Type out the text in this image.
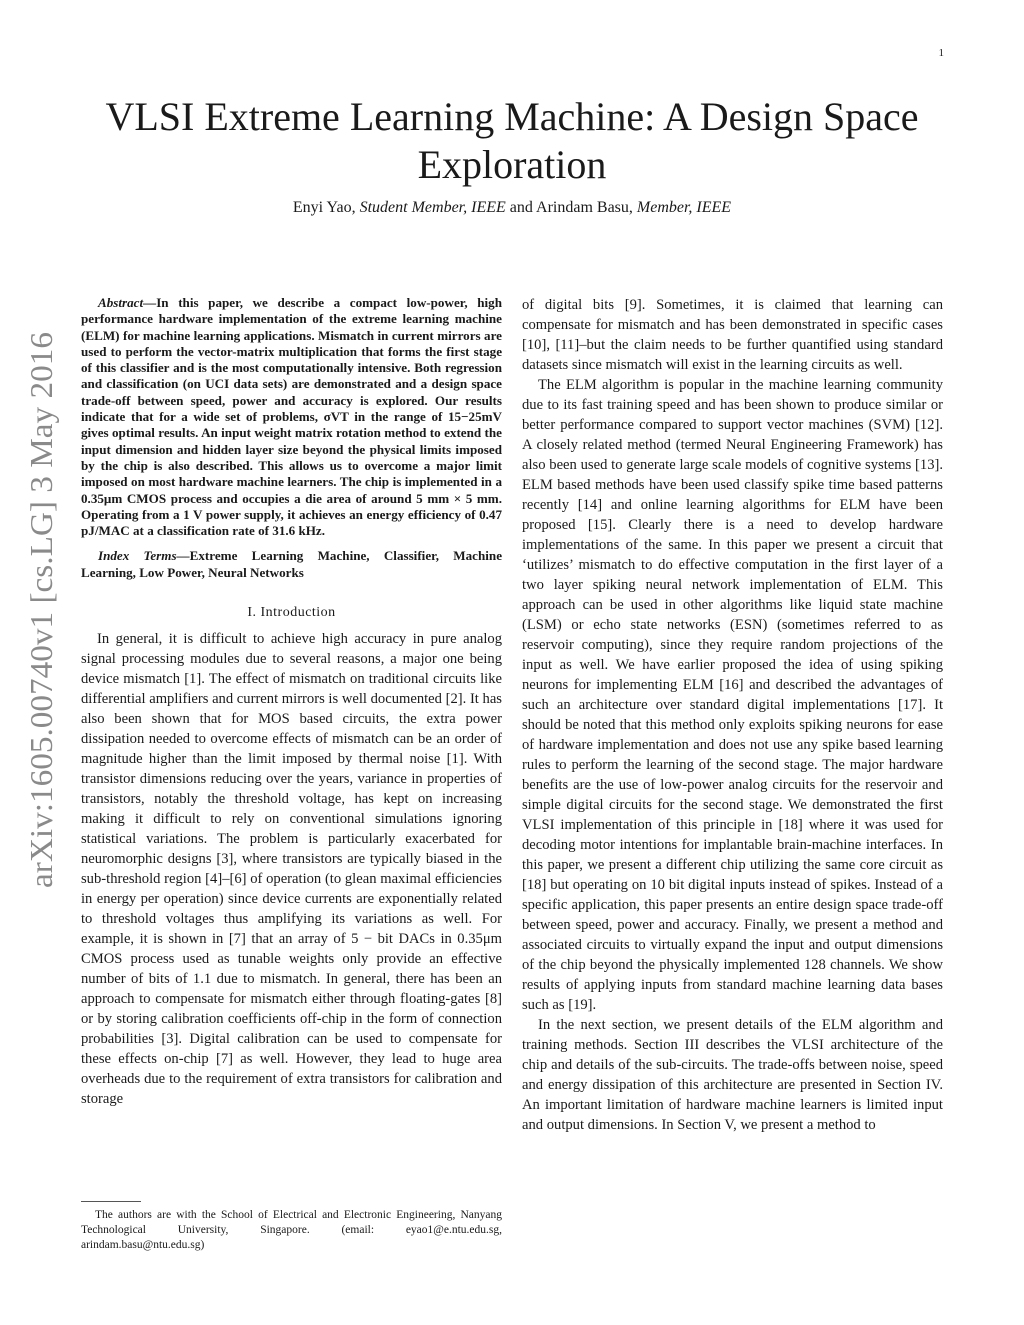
1
arXiv:1605.00740v1 [cs.LG] 3 May 2016
VLSI Extreme Learning Machine: A Design Space
Exploration
Enyi Yao, Student Member, IEEE and Arindam Basu, Member, IEEE

Abstract—In this paper, we describe a compact low-power, high performance hardware implementation of the extreme learning machine (ELM) for machine learning applications. Mismatch in current mirrors are used to perform the vector-matrix multiplication that forms the first stage of this classifier and is the most computationally intensive. Both regression and classification (on UCI data sets) are demonstrated and a design space trade-off between speed, power and accuracy is explored. Our results indicate that for a wide set of problems, σVT in the range of 15−25mV gives optimal results. An input weight matrix rotation method to extend the input dimension and hidden layer size beyond the physical limits imposed by the chip is also described. This allows us to overcome a major limit imposed on most hardware machine learners. The chip is implemented in a 0.35μm CMOS process and occupies a die area of around 5 mm × 5 mm. Operating from a 1 V power supply, it achieves an energy efficiency of 0.47 pJ/MAC at a classification rate of 31.6 kHz.

Index Terms—Extreme Learning Machine, Classifier, Machine Learning, Low Power, Neural Networks

I. Introduction

In general, it is difficult to achieve high accuracy in pure analog signal processing modules due to several reasons, a major one being device mismatch [1]. The effect of mismatch on traditional circuits like differential amplifiers and current mirrors is well documented [2]. It has also been shown that for MOS based circuits, the extra power dissipation needed to overcome effects of mismatch can be an order of magnitude higher than the limit imposed by thermal noise [1]. With transistor dimensions reducing over the years, variance in properties of transistors, notably the threshold voltage, has kept on increasing making it difficult to rely on conventional simulations ignoring statistical variations. The problem is particularly exacerbated for neuromorphic designs [3], where transistors are typically biased in the sub-threshold region [4]–[6] of operation (to glean maximal efficiencies in energy per operation) since device currents are exponentially related to threshold voltages thus amplifying its variations as well. For example, it is shown in [7] that an array of 5 − bit DACs in 0.35μm CMOS process used as tunable weights only provide an effective number of bits of 1.1 due to mismatch. In general, there has been an approach to compensate for mismatch either through floating-gates [8] or by storing calibration coefficients off-chip in the form of connection probabilities [3]. Digital calibration can be used to compensate for these effects on-chip [7] as well. However, they lead to huge area overheads due to the requirement of extra transistors for calibration and storage

The authors are with the School of Electrical and Electronic Engineering, Nanyang Technological University, Singapore. (email: eyao1@e.ntu.edu.sg, arindam.basu@ntu.edu.sg)

of digital bits [9]. Sometimes, it is claimed that learning can compensate for mismatch and has been demonstrated in specific cases [10], [11]–but the claim needs to be further quantified using standard datasets since mismatch will exist in the learning circuits as well.

The ELM algorithm is popular in the machine learning community due to its fast training speed and has been shown to produce similar or better performance compared to support vector machines (SVM) [12]. A closely related method (termed Neural Engineering Framework) has also been used to generate large scale models of cognitive systems [13]. ELM based methods have been used classify spike time based patterns recently [14] and online learning algorithms for ELM have been proposed [15]. Clearly there is a need to develop hardware implementations of the same. In this paper we present a circuit that ‘utilizes’ mismatch to do effective computation in the first layer of a two layer spiking neural network implementation of ELM. This approach can be used in other algorithms like liquid state machine (LSM) or echo state networks (ESN) (sometimes referred to as reservoir computing), since they require random projections of the input as well. We have earlier proposed the idea of using spiking neurons for implementing ELM [16] and described the advantages of such an architecture over standard digital implementations [17]. It should be noted that this method only exploits spiking neurons for ease of hardware implementation and does not use any spike based learning rules to perform the learning of the second stage. The major hardware benefits are the use of low-power analog circuits for the reservoir and simple digital circuits for the second stage. We demonstrated the first VLSI implementation of this principle in [18] where it was used for decoding motor intentions for implantable brain-machine interfaces. In this paper, we present a different chip utilizing the same core circuit as [18] but operating on 10 bit digital inputs instead of spikes. Instead of a specific application, this paper presents an entire design space trade-off between speed, power and accuracy. Finally, we present a method and associated circuits to virtually expand the input and output dimensions of the chip beyond the physically implemented 128 channels. We show results of applying inputs from standard machine learning data bases such as [19].

In the next section, we present details of the ELM algorithm and training methods. Section III describes the VLSI architecture of the chip and details of the sub-circuits. The trade-offs between noise, speed and energy dissipation of this architecture are presented in Section IV. An important limitation of hardware machine learners is limited input and output dimensions. In Section V, we present a method to
